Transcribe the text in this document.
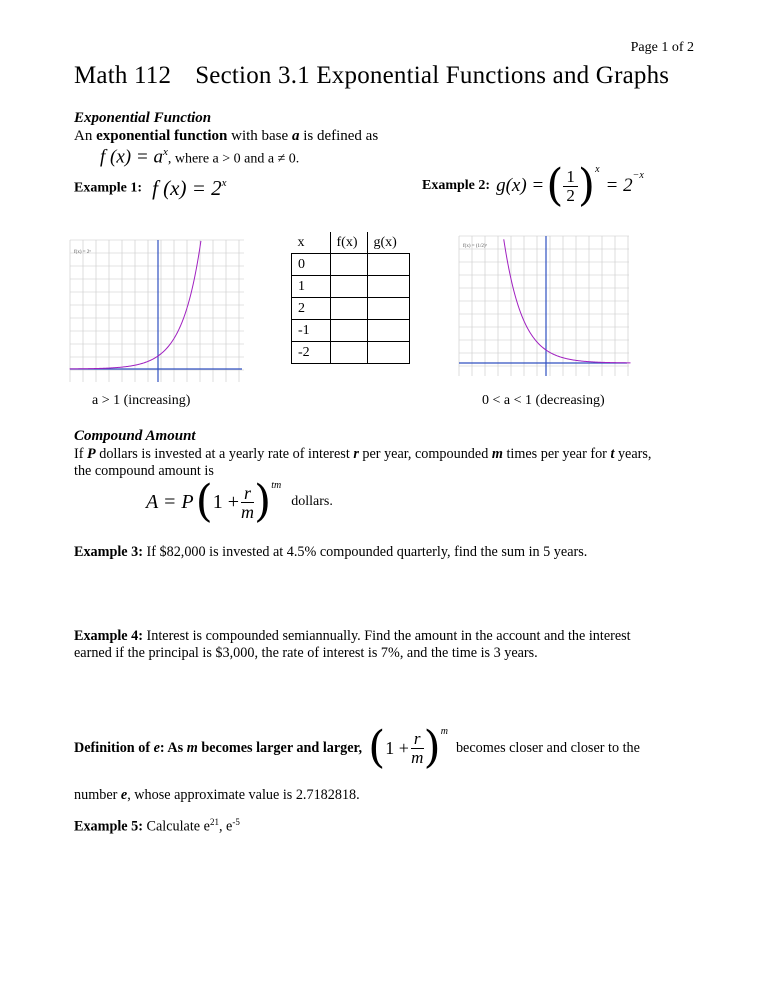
Page 1 of 2
Math 112 Section 3.1 Exponential Functions and Graphs
Exponential Function
An exponential function with base a is defined as
f $(x) = a^x$, where a > 0 and a ≠ 0.
Example 1: f $(x) = 2^x$	Example 2: g(x) = ( $\frac{1}{2} )^x$
= $2^{-x}$
f(x) = 2ˣ
x	f(x)	g(x)
0		
1		
2		
-1		
-2		
f(x) = (1/2)ˣ
a > 1 (increasing)	0 < a < 1 (decreasing)
Compound Amount
If P dollars is invested at a yearly rate of interest r per year, compounded m times per year for t years,
the compound amount is
A = P ( $1 + \frac{r}{m} )^{tm}$
dollars.
Example 3: If $82,000 is invested at 4.5% compounded quarterly, find the sum in 5 years.
Example 4: Interest is compounded semiannually. Find the amount in the account and the interest
earned if the principal is $3,000, the rate of interest is 7%, and the time is 3 years.
Definition of e: As m becomes larger and larger, ( $1 + \frac{r}{m} )^m$
becomes closer and closer to the
number e, whose approximate value is 2.7182818.
Example 5: Calculate $e^{21}$, $e^{-5}$
